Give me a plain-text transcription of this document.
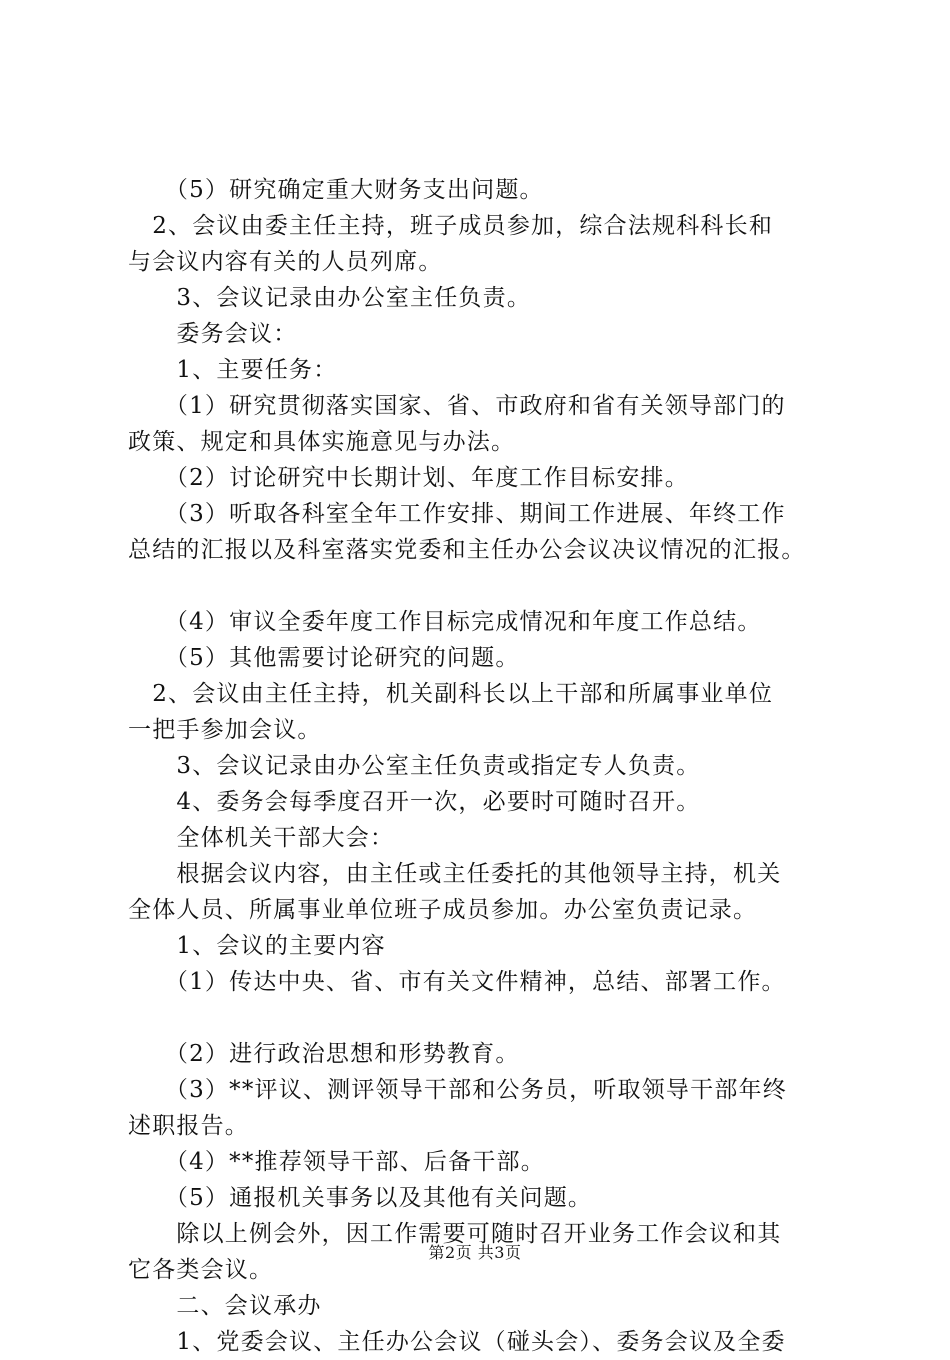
　　（5）研究确定重大财务支出问题。
　2、会议由委主任主持，班子成员参加，综合法规科科长和
与会议内容有关的人员列席。
　　3、会议记录由办公室主任负责。
　　委务会议：
　　1、主要任务：
　　（1）研究贯彻落实国家、省、市政府和省有关领导部门的
政策、规定和具体实施意见与办法。
　　（2）讨论研究中长期计划、年度工作目标安排。
　　（3）听取各科室全年工作安排、期间工作进展、年终工作
总结的汇报以及科室落实党委和主任办公会议决议情况的汇报。
　　（4）审议全委年度工作目标完成情况和年度工作总结。
　　（5）其他需要讨论研究的问题。
　2、会议由主任主持，机关副科长以上干部和所属事业单位
一把手参加会议。
　　3、会议记录由办公室主任负责或指定专人负责。
　　4、委务会每季度召开一次，必要时可随时召开。
　　全体机关干部大会：
　　根据会议内容，由主任或主任委托的其他领导主持，机关
全体人员、所属事业单位班子成员参加。办公室负责记录。
　　1、会议的主要内容
　　（1）传达中央、省、市有关文件精神，总结、部署工作。
　　（2）进行政治思想和形势教育。
　　（3）**评议、测评领导干部和公务员，听取领导干部年终
述职报告。
　　（4）**推荐领导干部、后备干部。
　　（5）通报机关事务以及其他有关问题。
　　除以上例会外，因工作需要可随时召开业务工作会议和其
它各类会议。
　　二、会议承办
　　1、党委会议、主任办公会议（碰头会）、委务会议及全委
第2页 共3页
